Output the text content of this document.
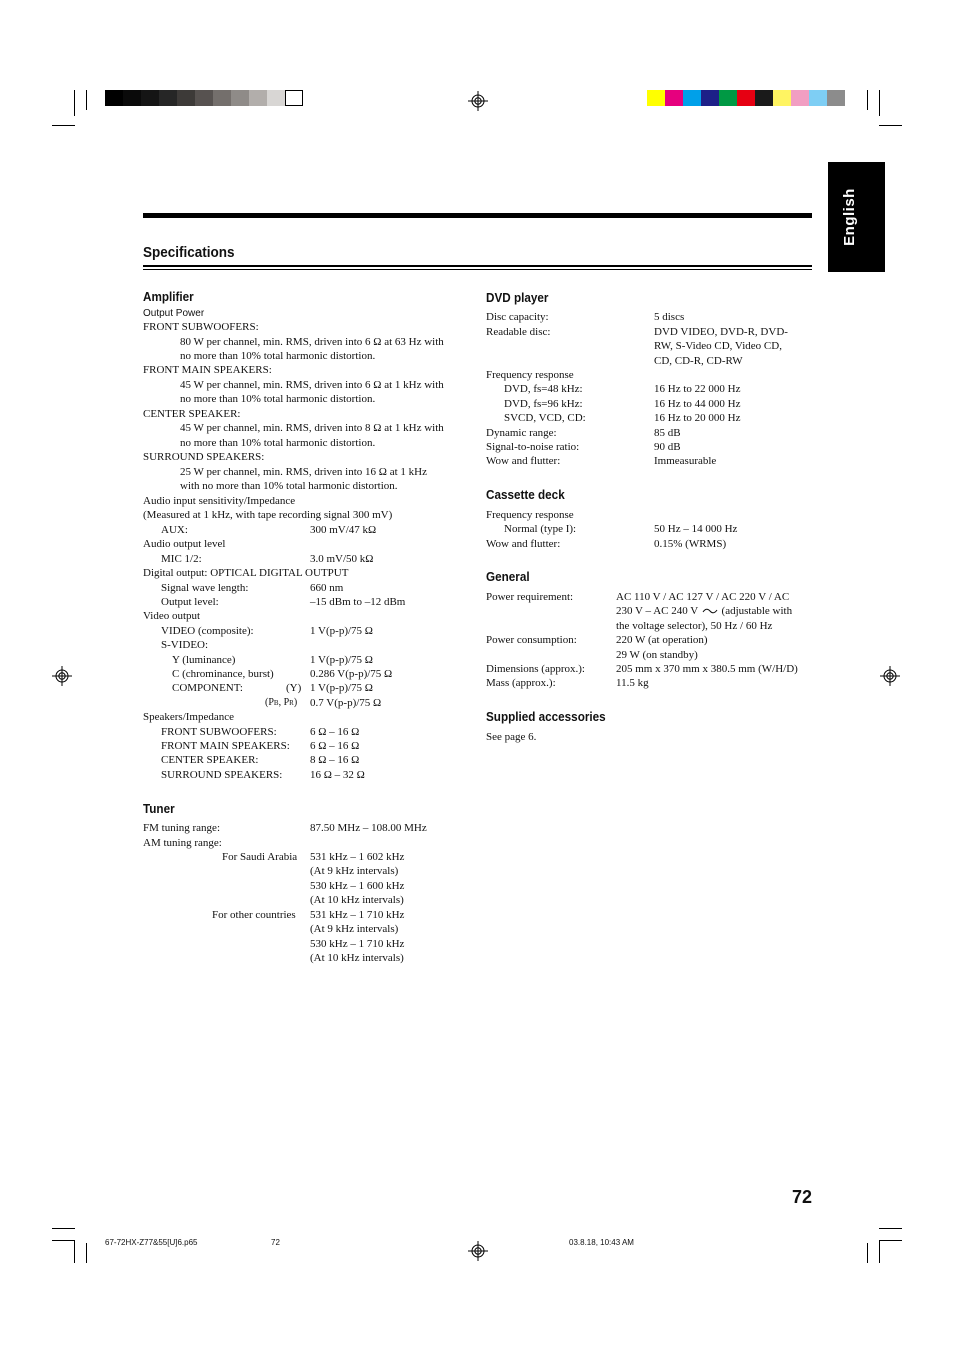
English
Specifications
Amplifier
Output Power
FRONT SUBWOOFERS:
80 W per channel, min. RMS, driven into 6 Ω at 63 Hz with
no more than 10% total harmonic distortion.
FRONT MAIN SPEAKERS:
45 W per channel, min. RMS, driven into 6 Ω at 1 kHz with
no more than 10% total harmonic distortion.
CENTER SPEAKER:
45 W per channel, min. RMS, driven into 8 Ω at 1 kHz with
no more than 10% total harmonic distortion.
SURROUND SPEAKERS:
25 W per channel, min. RMS, driven into 16 Ω at 1 kHz
with no more than 10% total harmonic distortion.
Audio input sensitivity/Impedance
(Measured at 1 kHz, with tape recording signal 300 mV)
AUX:	300 mV/47 kΩ
Audio output level
MIC 1/2:	3.0 mV/50 kΩ
Digital output: OPTICAL DIGITAL OUTPUT
Signal wave length:	660 nm
Output level:	–15 dBm to –12 dBm
Video output
VIDEO (composite):	1 V(p-p)/75 Ω
S-VIDEO:
Y (luminance)	1 V(p-p)/75 Ω
C (chrominance, burst)	0.286 V(p-p)/75 Ω
COMPONENT:	(Y) 1 V(p-p)/75 Ω
(PB, PR) 0.7 V(p-p)/75 Ω
Speakers/Impedance
FRONT SUBWOOFERS:	6 Ω – 16 Ω
FRONT MAIN SPEAKERS: 6 Ω – 16 Ω
CENTER SPEAKER:	8 Ω – 16 Ω
SURROUND SPEAKERS:	16 Ω – 32 Ω
Tuner
FM tuning range:	87.50 MHz – 108.00 MHz
AM tuning range:
For Saudi Arabia 531 kHz – 1 602 kHz
(At 9 kHz intervals)
530 kHz – 1 600 kHz
(At 10 kHz intervals)
For other countries 531 kHz – 1 710 kHz
(At 9 kHz intervals)
530 kHz – 1 710 kHz
(At 10 kHz intervals)
DVD player
Disc capacity:	5 discs
Readable disc:	DVD VIDEO, DVD-R, DVD-
RW, S-Video CD, Video CD,
CD, CD-R, CD-RW
Frequency response
DVD, fs=48 kHz:	16 Hz to 22 000 Hz
DVD, fs=96 kHz:	16 Hz to 44 000 Hz
SVCD, VCD, CD:	16 Hz to 20 000 Hz
Dynamic range:	85 dB
Signal-to-noise ratio:	90 dB
Wow and flutter:	Immeasurable
Cassette deck
Frequency response
Normal (type I):	50 Hz – 14 000 Hz
Wow and flutter:	0.15% (WRMS)
General
Power requirement:	AC 110 V / AC 127 V / AC 220 V / AC
230 V – AC 240 V (adjustable with
the voltage selector), 50 Hz / 60 Hz
Power consumption:	220 W (at operation)
29 W (on standby)
Dimensions (approx.):	205 mm x 370 mm x 380.5 mm (W/H/D)
Mass (approx.):	11.5 kg
Supplied accessories
See page 6.
72
67-72HX-Z77&55[U]6.p65	72	03.8.18, 10:43 AM
